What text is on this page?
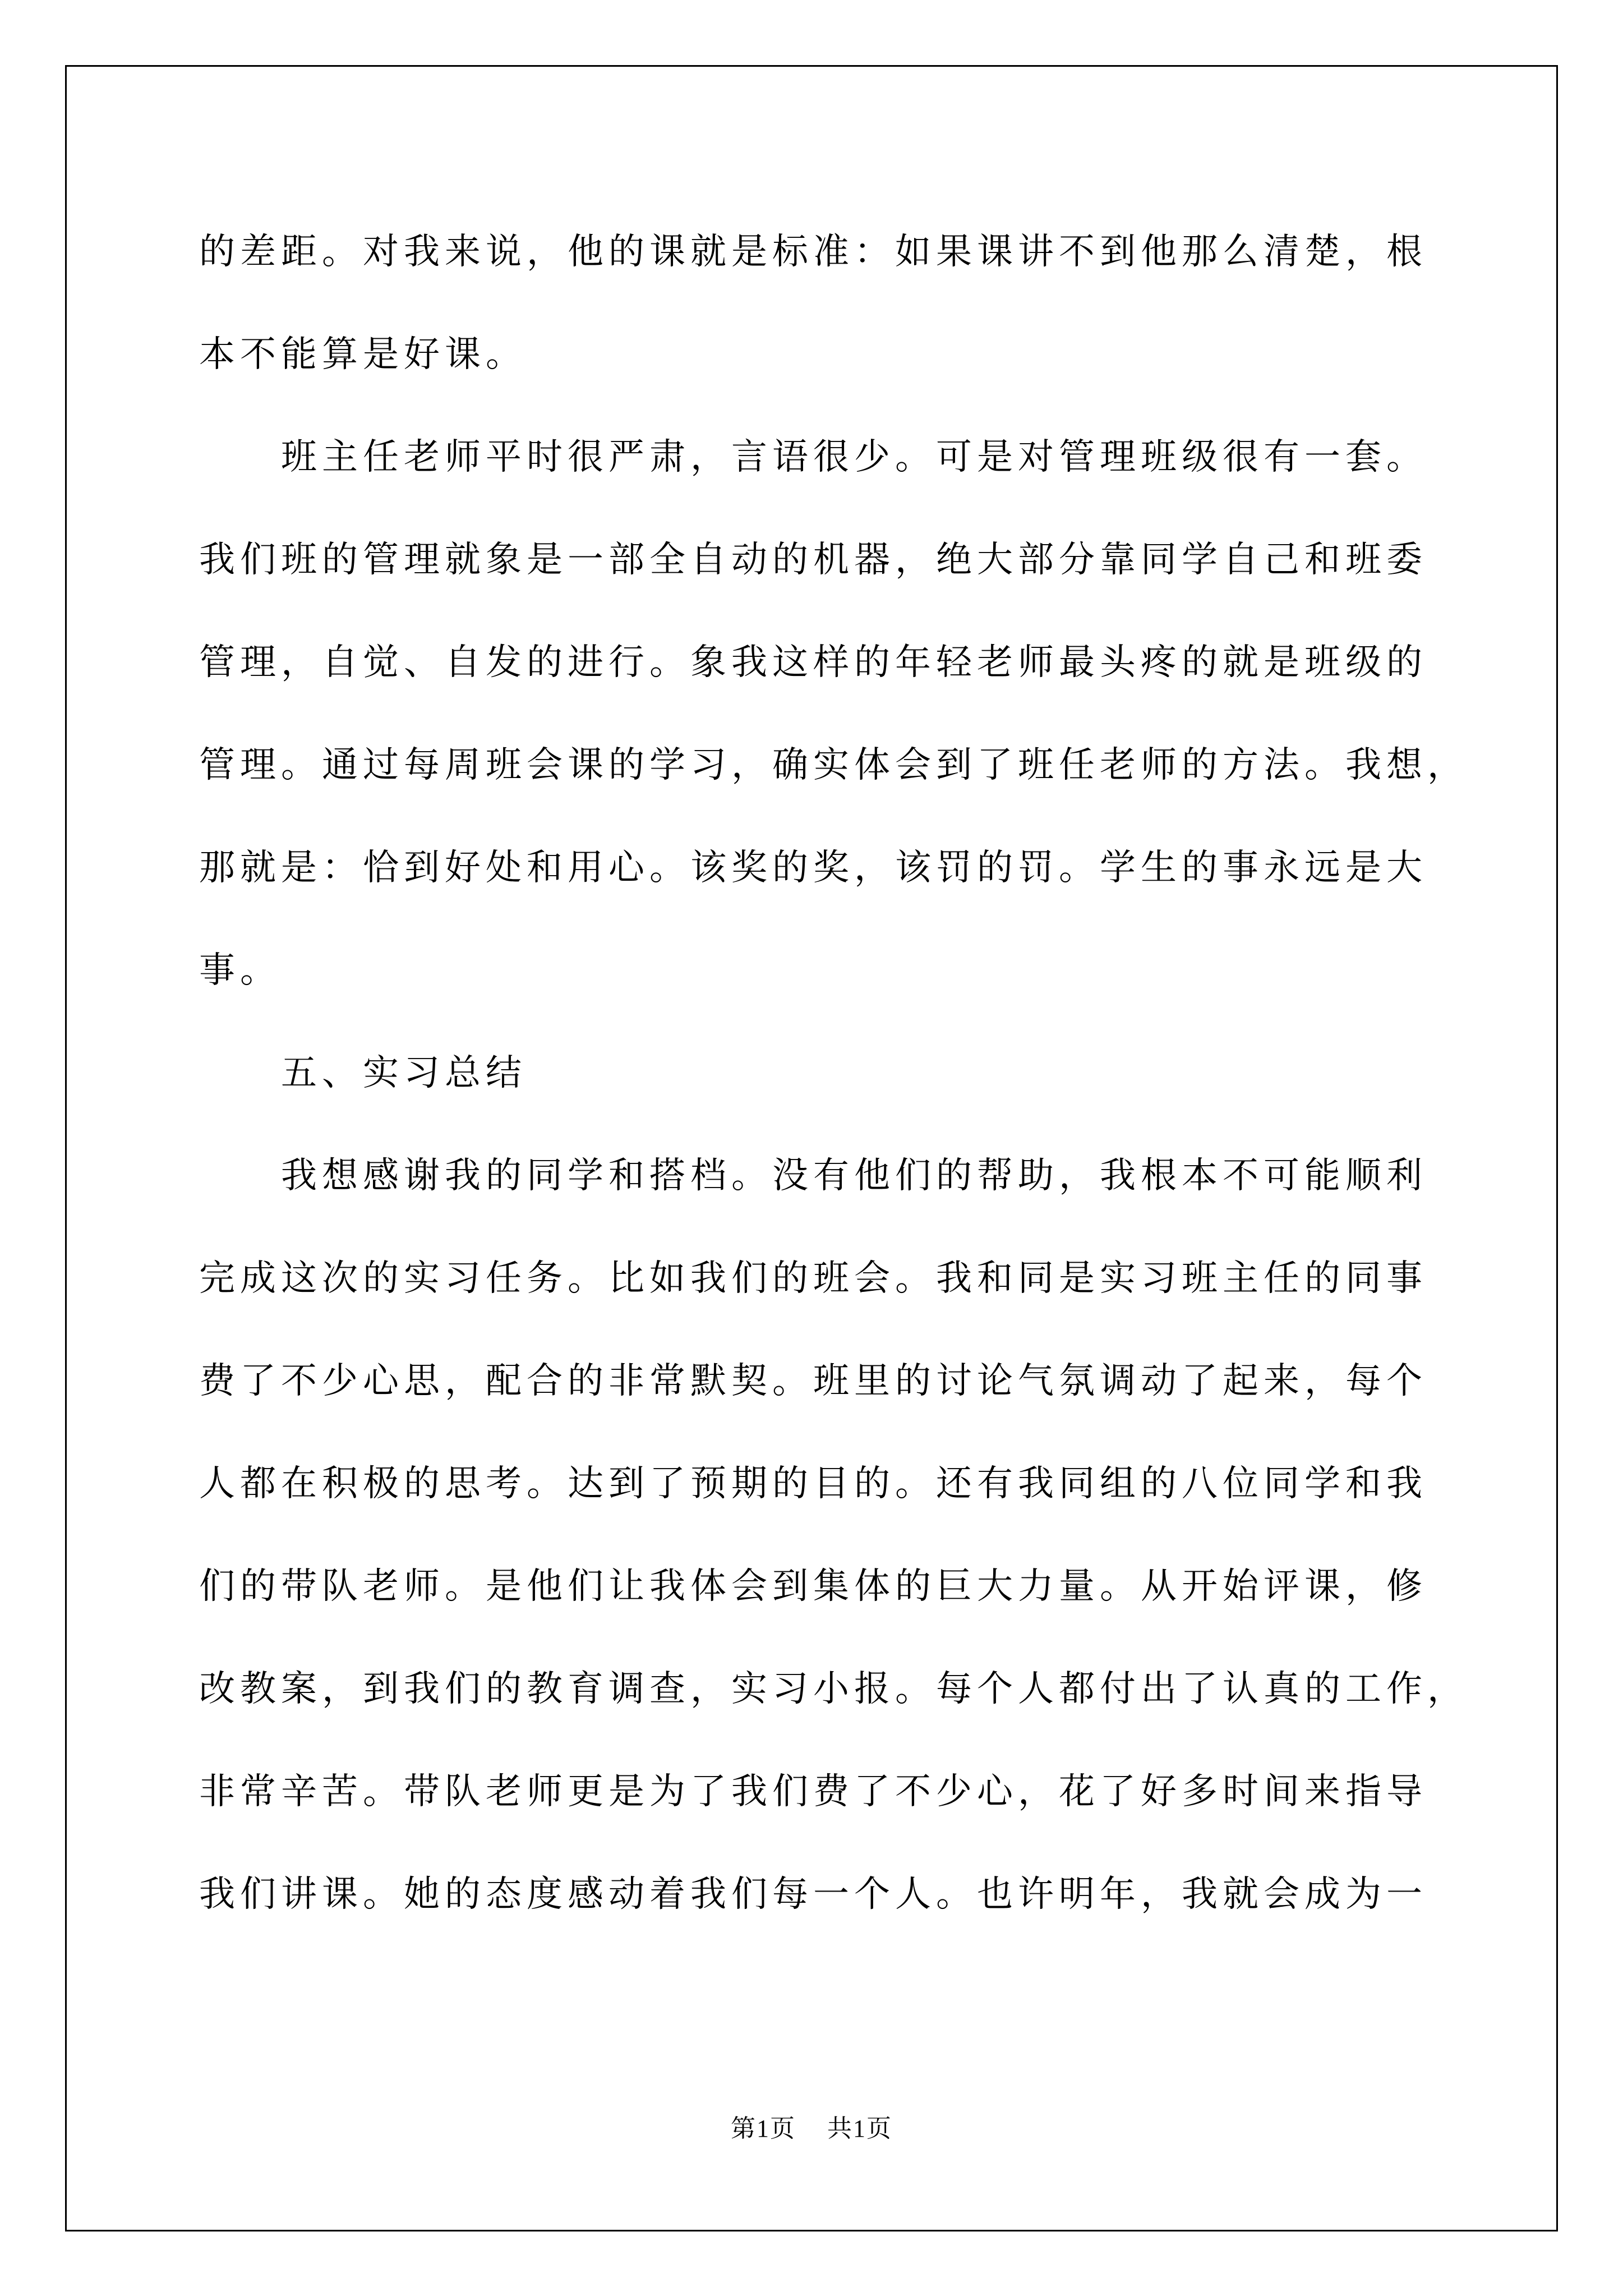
的差距。对我来说，他的课就是标准：如果课讲不到他那么清楚，根
本不能算是好课。
班主任老师平时很严肃，言语很少。可是对管理班级很有一套。
我们班的管理就象是一部全自动的机器，绝大部分靠同学自己和班委
管理，自觉、自发的进行。象我这样的年轻老师最头疼的就是班级的
管理。通过每周班会课的学习，确实体会到了班任老师的方法。我想，
那就是：恰到好处和用心。该奖的奖，该罚的罚。学生的事永远是大
事。
五、实习总结
我想感谢我的同学和搭档。没有他们的帮助，我根本不可能顺利
完成这次的实习任务。比如我们的班会。我和同是实习班主任的同事
费了不少心思，配合的非常默契。班里的讨论气氛调动了起来，每个
人都在积极的思考。达到了预期的目的。还有我同组的八位同学和我
们的带队老师。是他们让我体会到集体的巨大力量。从开始评课，修
改教案，到我们的教育调查，实习小报。每个人都付出了认真的工作，
非常辛苦。带队老师更是为了我们费了不少心，花了好多时间来指导
我们讲课。她的态度感动着我们每一个人。也许明年，我就会成为一
第1页 共1页
